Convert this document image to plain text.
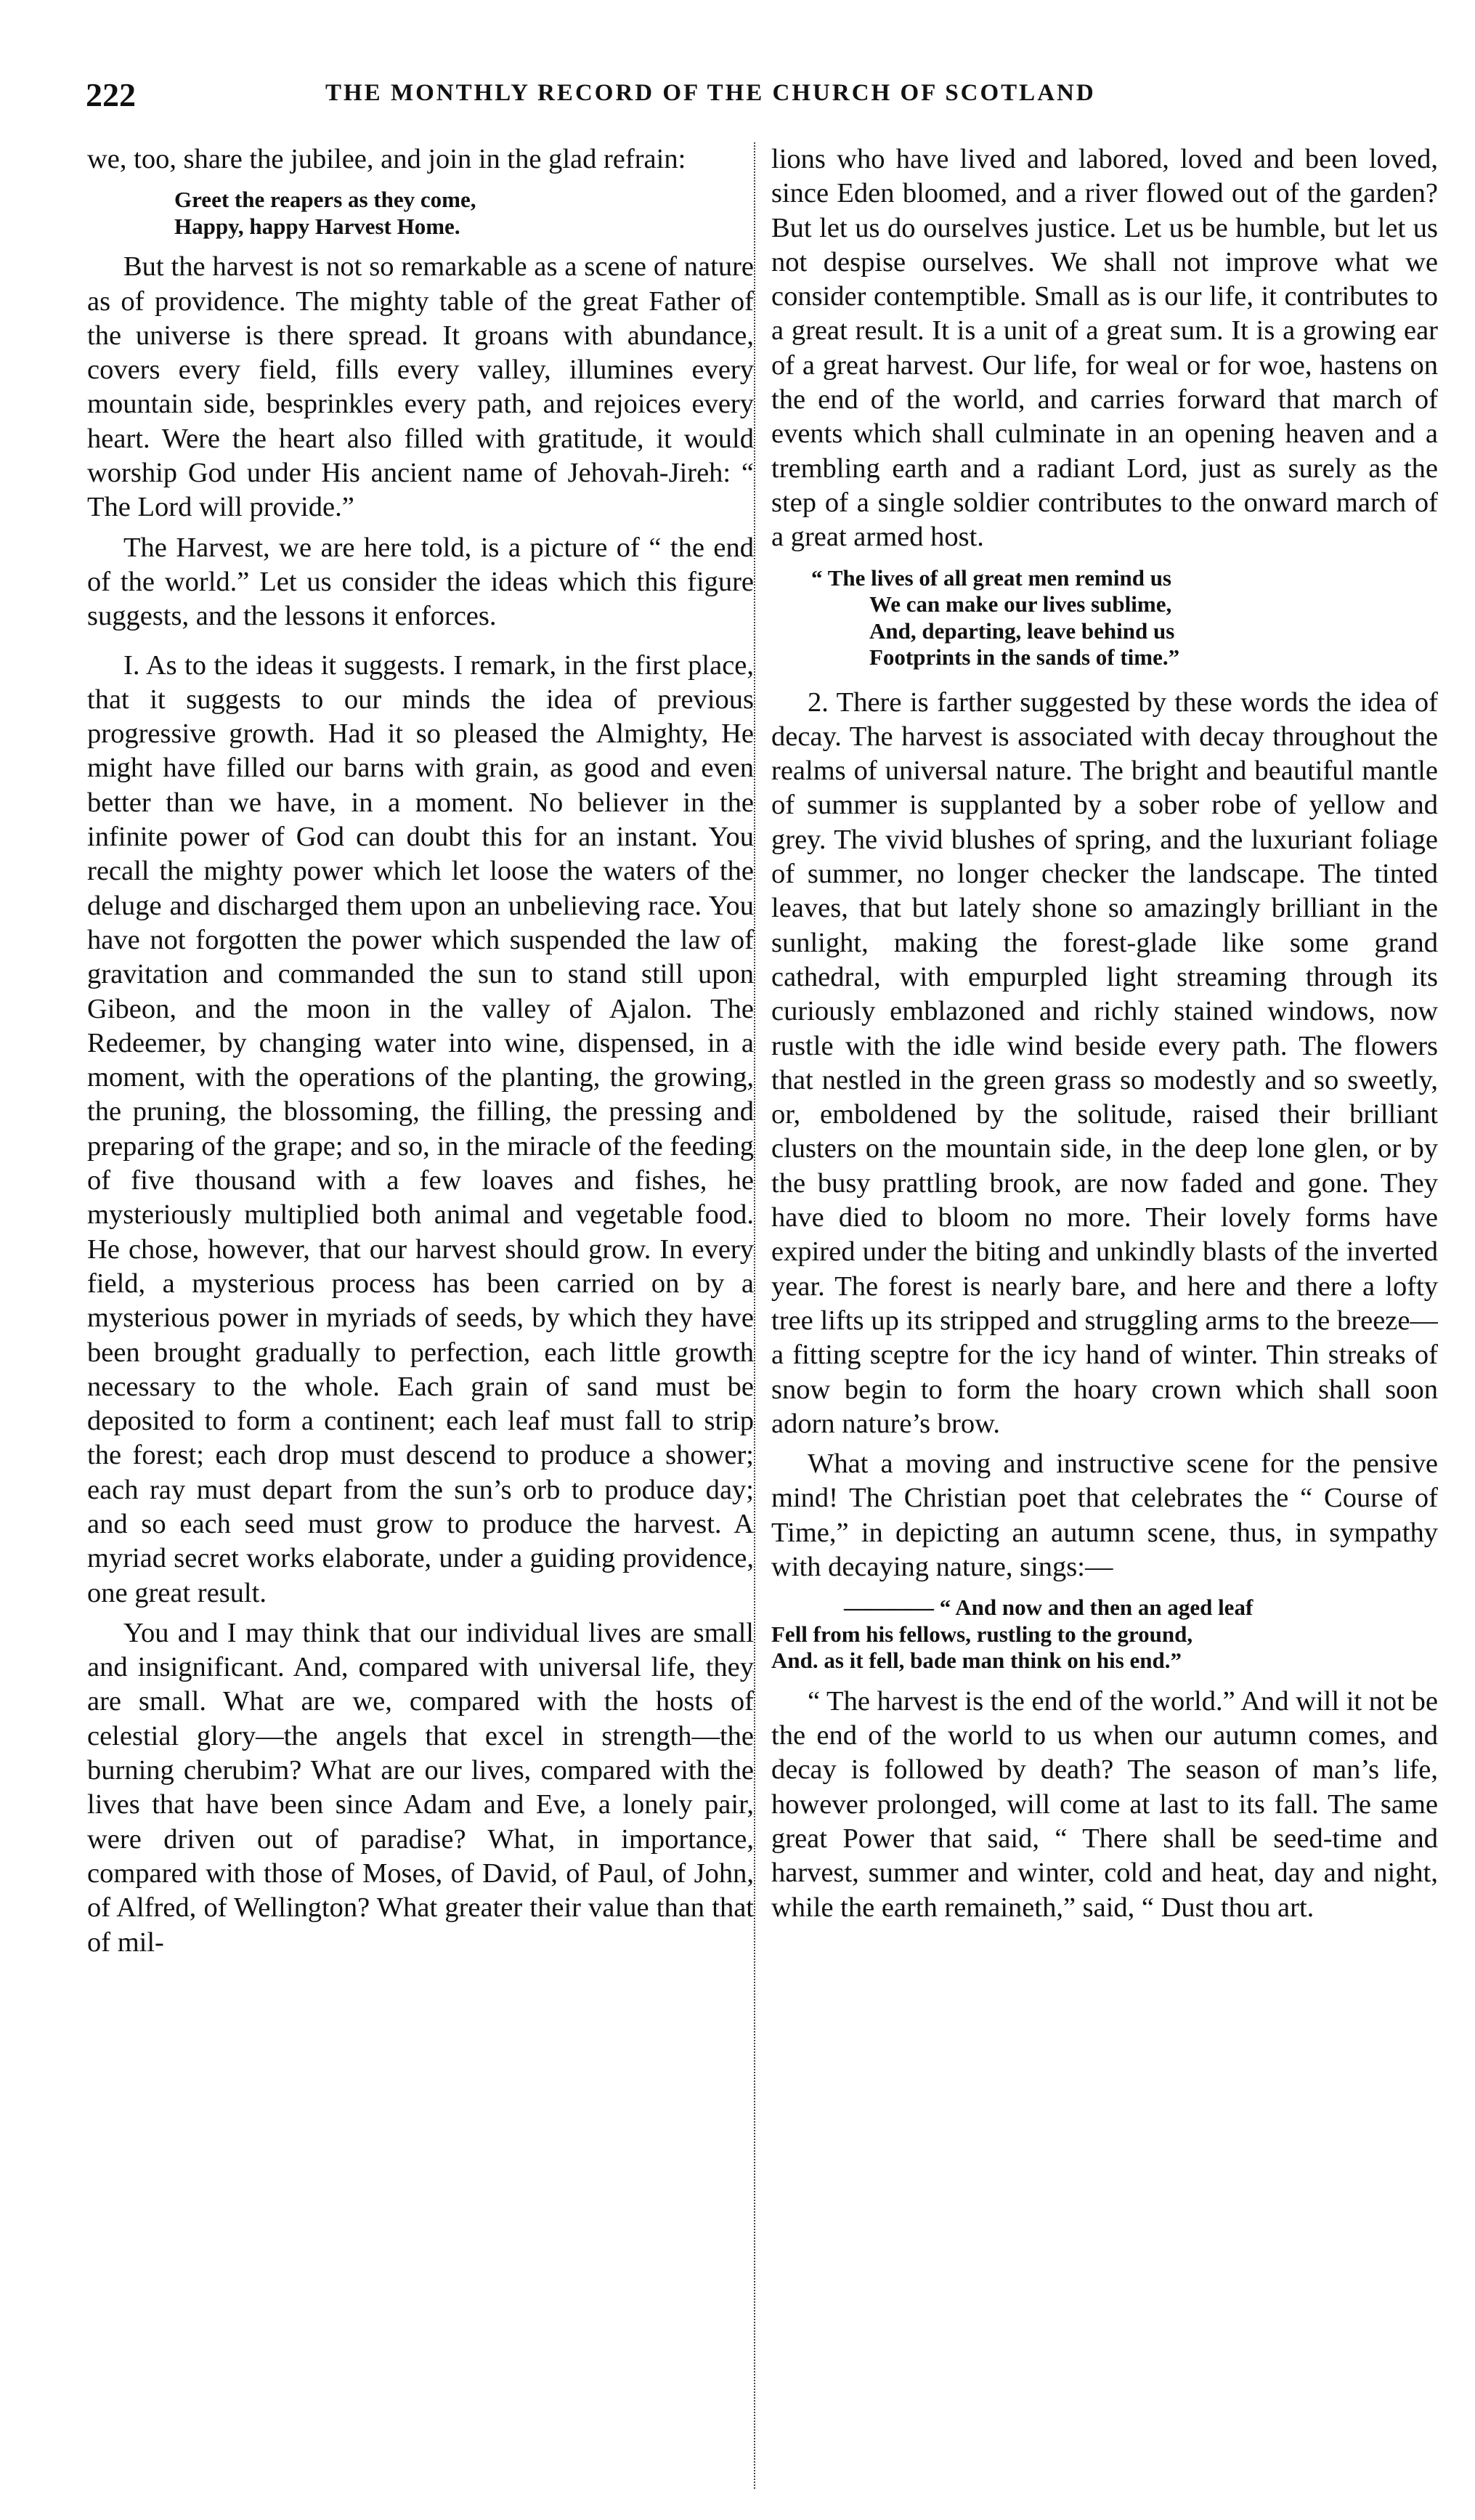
222	THE MONTHLY RECORD OF THE CHURCH OF SCOTLAND

we, too, share the jubilee, and join in the glad refrain:

Greet the reapers as they come,
Happy, happy Harvest Home.

But the harvest is not so remarkable as a scene of nature as of providence. The mighty table of the great Father of the universe is there spread. It groans with abundance, covers every field, fills every valley, illumines every mountain side, besprinkles every path, and rejoices every heart. Were the heart also filled with gratitude, it would worship God under His ancient name of Jehovah-Jireh: “ The Lord will provide.”

The Harvest, we are here told, is a picture of “ the end of the world.” Let us consider the ideas which this figure suggests, and the lessons it enforces.

I. As to the ideas it suggests. I remark, in the first place, that it suggests to our minds the idea of previous progressive growth. Had it so pleased the Almighty, He might have filled our barns with grain, as good and even better than we have, in a moment. No believer in the infinite power of God can doubt this for an instant. You recall the mighty power which let loose the waters of the deluge and discharged them upon an unbelieving race. You have not forgotten the power which suspended the law of gravitation and commanded the sun to stand still upon Gibeon, and the moon in the valley of Ajalon. The Redeemer, by changing water into wine, dispensed, in a moment, with the operations of the planting, the growing, the pruning, the blossoming, the filling, the pressing and preparing of the grape; and so, in the miracle of the feeding of five thousand with a few loaves and fishes, he mysteriously multiplied both animal and vegetable food. He chose, however, that our harvest should grow. In every field, a mysterious process has been carried on by a mysterious power in myriads of seeds, by which they have been brought gradually to perfection, each little growth necessary to the whole. Each grain of sand must be deposited to form a continent; each leaf must fall to strip the forest; each drop must descend to produce a shower; each ray must depart from the sun’s orb to produce day; and so each seed must grow to produce the harvest. A myriad secret works elaborate, under a guiding providence, one great result.

You and I may think that our individual lives are small and insignificant. And, compared with universal life, they are small. What are we, compared with the hosts of celestial glory—the angels that excel in strength—the burning cherubim? What are our lives, compared with the lives that have been since Adam and Eve, a lonely pair, were driven out of paradise? What, in importance, compared with those of Moses, of David, of Paul, of John, of Alfred, of Wellington? What greater their value than that of mil-

lions who have lived and labored, loved and been loved, since Eden bloomed, and a river flowed out of the garden? But let us do ourselves justice. Let us be humble, but let us not despise ourselves. We shall not improve what we consider contemptible. Small as is our life, it contributes to a great result. It is a unit of a great sum. It is a growing ear of a great harvest. Our life, for weal or for woe, hastens on the end of the world, and carries forward that march of events which shall culminate in an opening heaven and a trembling earth and a radiant Lord, just as surely as the step of a single soldier contributes to the onward march of a great armed host.

“ The lives of all great men remind us
We can make our lives sublime,
And, departing, leave behind us
Footprints in the sands of time.”

2. There is farther suggested by these words the idea of decay. The harvest is associated with decay throughout the realms of universal nature. The bright and beautiful mantle of summer is supplanted by a sober robe of yellow and grey. The vivid blushes of spring, and the luxuriant foliage of summer, no longer checker the landscape. The tinted leaves, that but lately shone so amazingly brilliant in the sunlight, making the forest-glade like some grand cathedral, with empurpled light streaming through its curiously emblazoned and richly stained windows, now rustle with the idle wind beside every path. The flowers that nestled in the green grass so modestly and so sweetly, or, emboldened by the solitude, raised their brilliant clusters on the mountain side, in the deep lone glen, or by the busy prattling brook, are now faded and gone. They have died to bloom no more. Their lovely forms have expired under the biting and unkindly blasts of the inverted year. The forest is nearly bare, and here and there a lofty tree lifts up its stripped and struggling arms to the breeze—a fitting sceptre for the icy hand of winter. Thin streaks of snow begin to form the hoary crown which shall soon adorn nature’s brow.

What a moving and instructive scene for the pensive mind! The Christian poet that celebrates the “ Course of Time,” in depicting an autumn scene, thus, in sympathy with decaying nature, sings:—

———— “ And now and then an aged leaf
Fell from his fellows, rustling to the ground,
And. as it fell, bade man think on his end.”

“ The harvest is the end of the world.” And will it not be the end of the world to us when our autumn comes, and decay is followed by death? The season of man’s life, however prolonged, will come at last to its fall. The same great Power that said, “ There shall be seed-time and harvest, summer and winter, cold and heat, day and night, while the earth remaineth,” said, “ Dust thou art.
